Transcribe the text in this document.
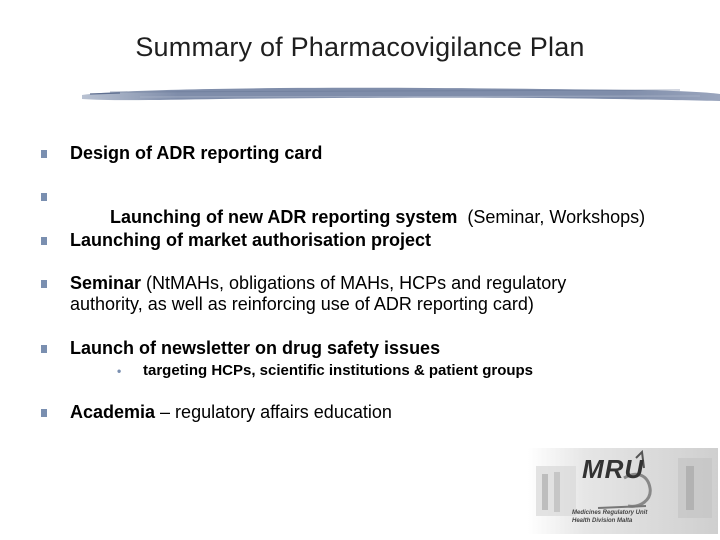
Summary of Pharmacovigilance Plan
Design of ADR reporting card

Launching of new ADR reporting system  (Seminar, Workshops)

Launching of market authorisation project
Seminar (NtMAHs, obligations of MAHs, HCPs and regulatory authority, as well as reinforcing use of ADR reporting card)
Launch of newsletter on drug safety issues
• targeting HCPs, scientific institutions & patient groups
Academia – regulatory affairs education
MRU
Medicines Regulatory Unit
Health Division Malta
